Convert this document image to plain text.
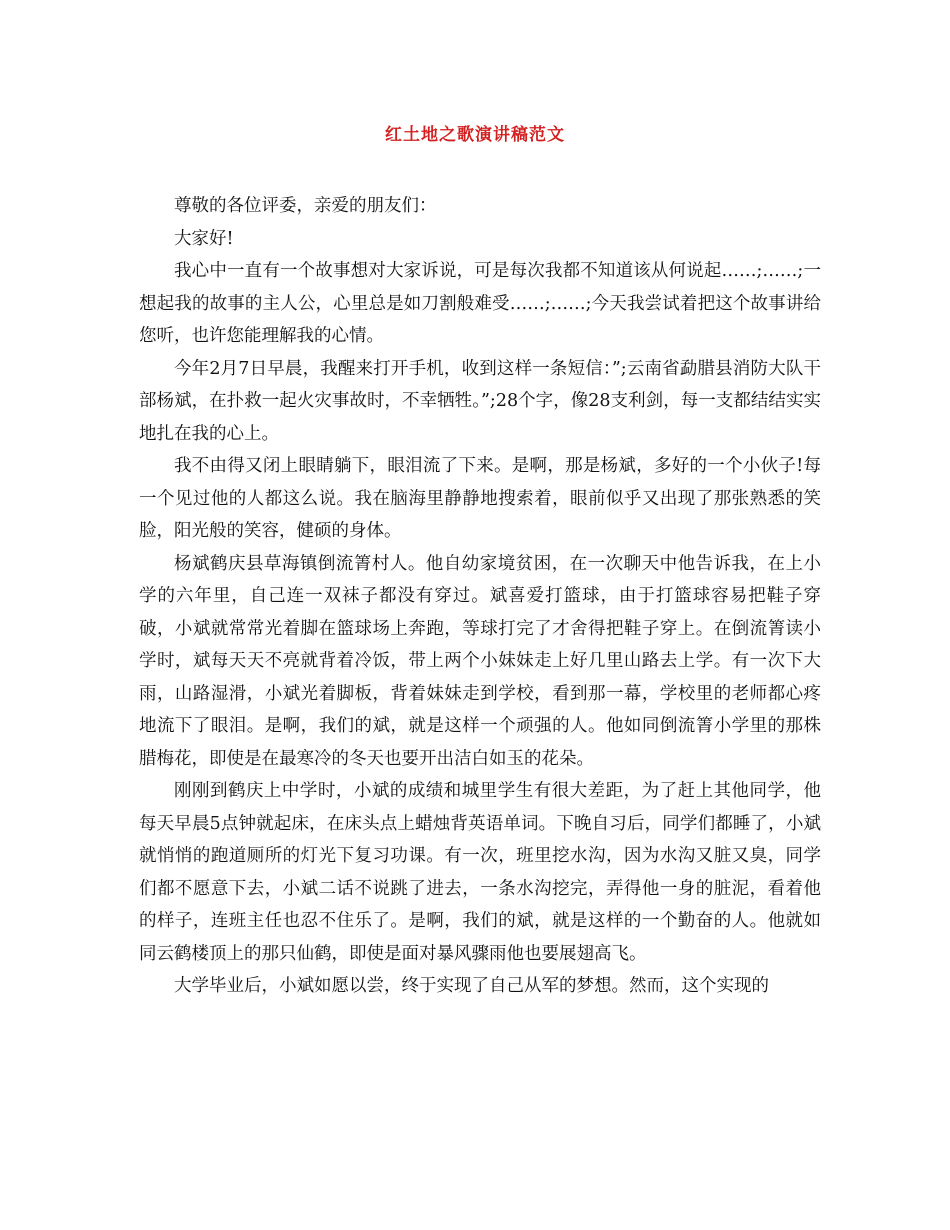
红土地之歌演讲稿范文

尊敬的各位评委，亲爱的朋友们：

大家好!

我心中一直有一个故事想对大家诉说，可是每次我都不知道该从何说起……;……;一想起我的故事的主人公，心里总是如刀割般难受……;……;今天我尝试着把这个故事讲给您听，也许您能理解我的心情。

今年2月7日早晨，我醒来打开手机，收到这样一条短信：”;云南省勐腊县消防大队干部杨斌，在扑救一起火灾事故时，不幸牺牲。”;28个字，像28支利剑，每一支都结结实实地扎在我的心上。

我不由得又闭上眼睛躺下，眼泪流了下来。是啊，那是杨斌，多好的一个小伙子!每一个见过他的人都这么说。我在脑海里静静地搜索着，眼前似乎又出现了那张熟悉的笑脸，阳光般的笑容，健硕的身体。

杨斌鹤庆县草海镇倒流箐村人。他自幼家境贫困，在一次聊天中他告诉我，在上小学的六年里，自己连一双袜子都没有穿过。斌喜爱打篮球，由于打篮球容易把鞋子穿破，小斌就常常光着脚在篮球场上奔跑，等球打完了才舍得把鞋子穿上。在倒流箐读小学时，斌每天天不亮就背着冷饭，带上两个小妹妹走上好几里山路去上学。有一次下大雨，山路湿滑，小斌光着脚板，背着妹妹走到学校，看到那一幕，学校里的老师都心疼地流下了眼泪。是啊，我们的斌，就是这样一个顽强的人。他如同倒流箐小学里的那株腊梅花，即使是在最寒冷的冬天也要开出洁白如玉的花朵。

刚刚到鹤庆上中学时，小斌的成绩和城里学生有很大差距，为了赶上其他同学，他每天早晨5点钟就起床，在床头点上蜡烛背英语单词。下晚自习后，同学们都睡了，小斌就悄悄的跑道厕所的灯光下复习功课。有一次，班里挖水沟，因为水沟又脏又臭，同学们都不愿意下去，小斌二话不说跳了进去，一条水沟挖完，弄得他一身的脏泥，看着他的样子，连班主任也忍不住乐了。是啊，我们的斌，就是这样的一个勤奋的人。他就如同云鹤楼顶上的那只仙鹤，即使是面对暴风骤雨他也要展翅高飞。

大学毕业后，小斌如愿以尝，终于实现了自己从军的梦想。然而，这个实现的
